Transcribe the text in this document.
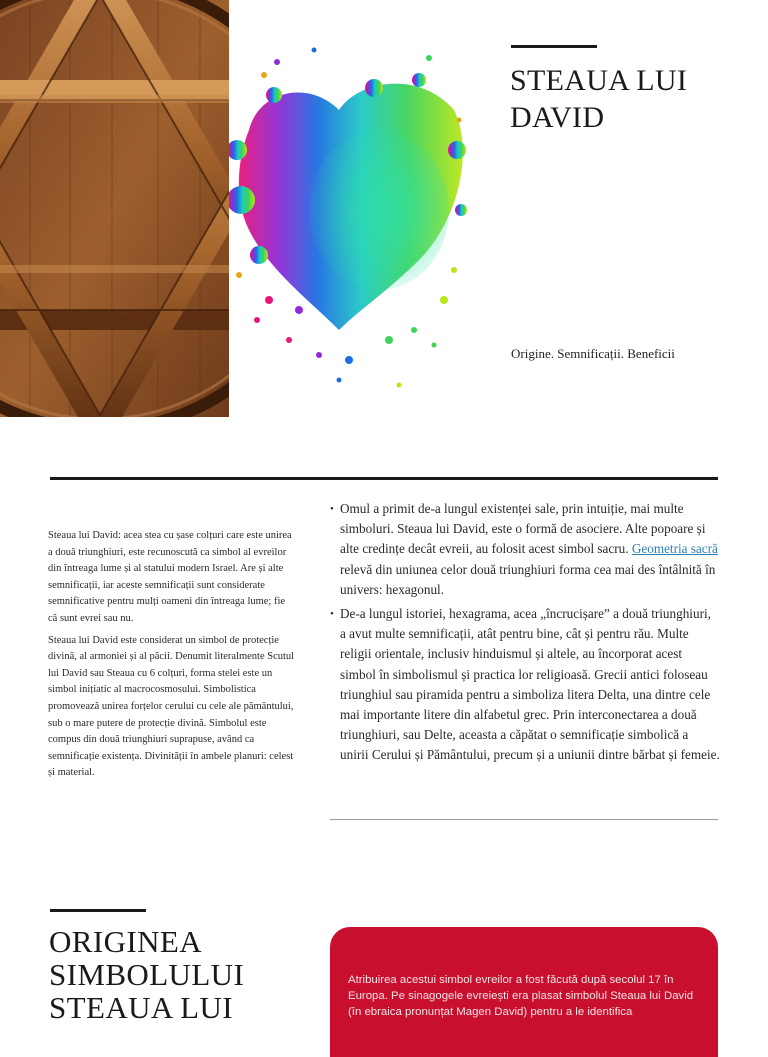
STEAUA LUI DAVID
Origine. Semnificații. Beneficii

Steaua lui David: acea stea cu șase colțuri care este unirea a două triunghiuri, este recunoscută ca simbol al evreilor din întreaga lume și al statului modern Israel. Are și alte semnificații, iar aceste semnificații sunt considerate semnificative pentru mulți oameni din întreaga lume; fie că sunt evrei sau nu.

Steaua lui David este considerat un simbol de protecție divină, al armoniei și al păcii. Denumit literalmente Scutul lui David sau Steaua cu 6 colțuri, forma stelei este un simbol inițiatic al macrocosmosului. Simbolistica promovează unirea forțelor cerului cu cele ale pământului, sub o mare putere de protecție divină. Simbolul este compus din două triunghiuri suprapuse, având ca semnificație existența. Divinității în ambele planuri: celest și material.

• Omul a primit de-a lungul existenței sale, prin intuiție, mai multe simboluri. Steaua lui David, este o formă de asociere. Alte popoare și alte credințe decât evreii, au folosit acest simbol sacru. Geometria sacră relevă din uniunea celor două triunghiuri forma cea mai des întâlnită în univers: hexagonul.
• De-a lungul istoriei, hexagrama, acea „încrucișare” a două triunghiuri, a avut multe semnificații, atât pentru bine, cât și pentru rău. Multe religii orientale, inclusiv hinduismul și altele, au încorporat acest simbol în simbolismul și practica lor religioasă. Grecii antici foloseau triunghiul sau piramida pentru a simboliza litera Delta, una dintre cele mai importante litere din alfabetul grec. Prin interconectarea a două triunghiuri, sau Delte, aceasta a căpătat o semnificație simbolică a unirii Cerului și Pământului, precum și a uniunii dintre bărbat și femeie.
ORIGINEA SIMBOLULUI STEAUA LUI

Atribuirea acestui simbol evreilor a fost făcută după secolul 17 în Europa. Pe sinagogele evreiești era plasat simbolul Steaua lui David (în ebraica pronunțat Magen David) pentru a le identifica
